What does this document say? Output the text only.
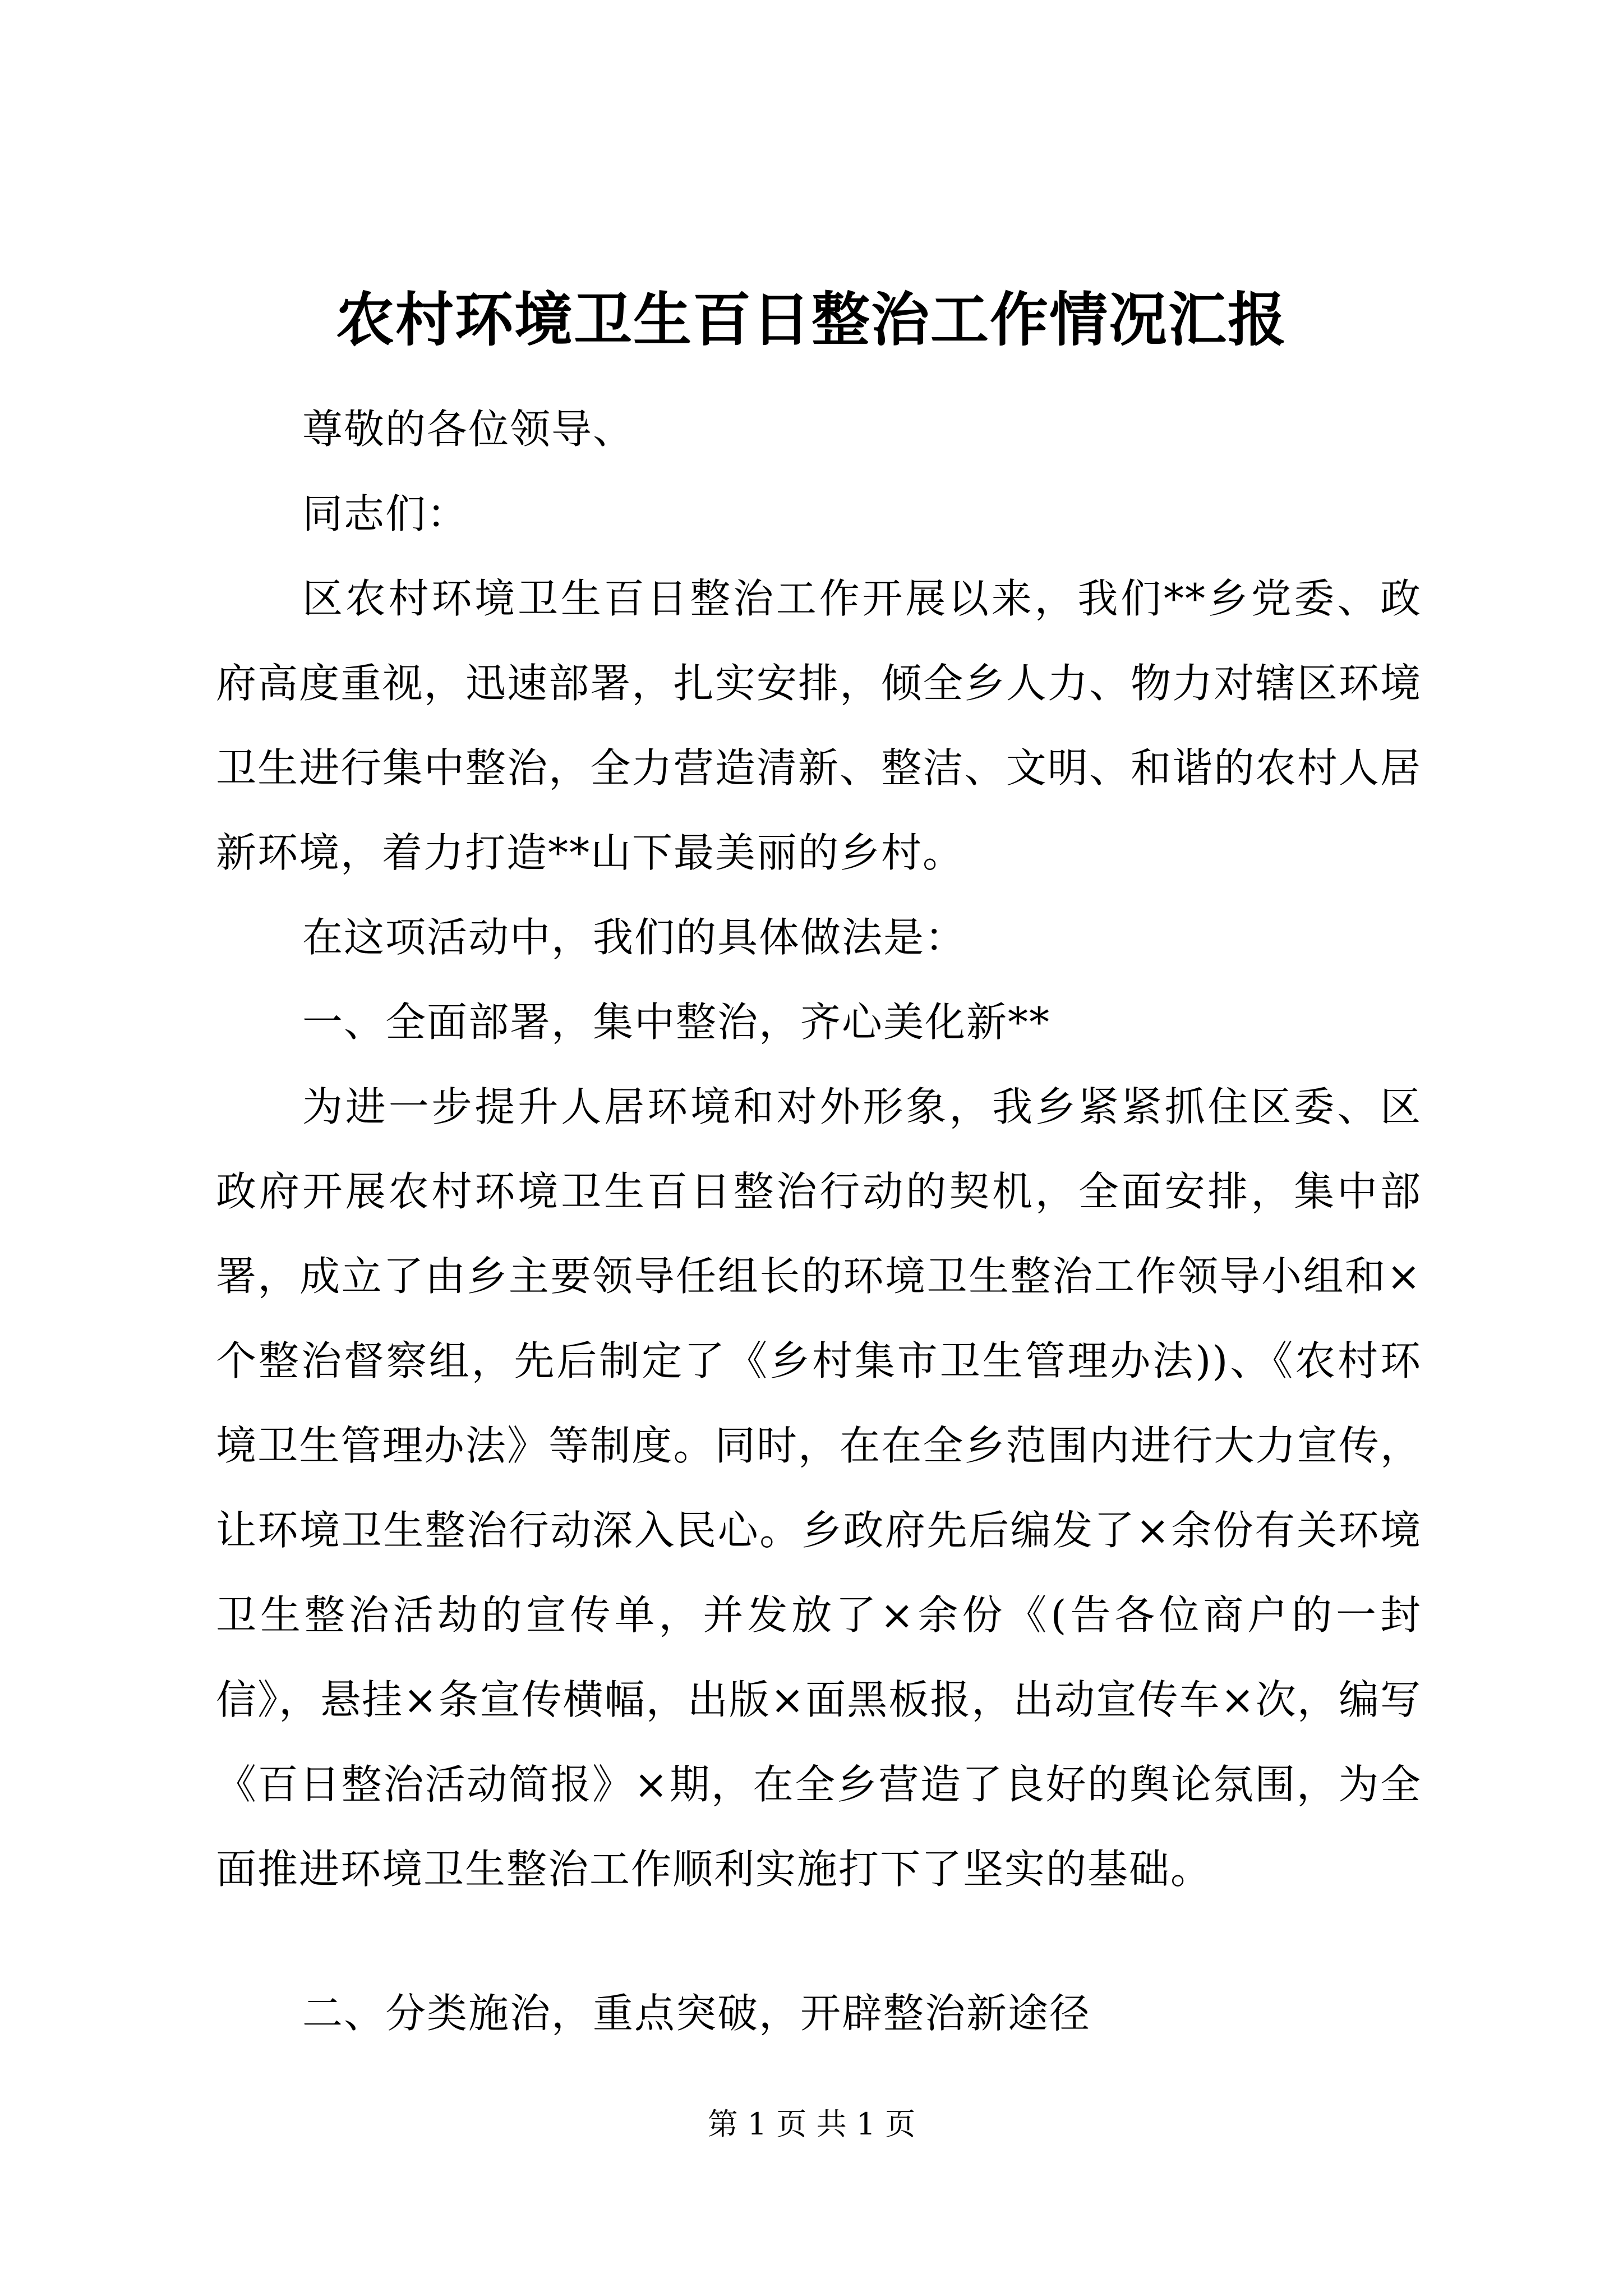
农村环境卫生百日整治工作情况汇报

尊敬的各位领导、

同志们：

区农村环境卫生百日整治工作开展以来，我们**乡党委、政府高度重视，迅速部署，扎实安排，倾全乡人力、物力对辖区环境卫生进行集中整治，全力营造清新、整洁、文明、和谐的农村人居新环境，着力打造**山下最美丽的乡村。

在这项活动中，我们的具体做法是：

一、全面部署，集中整治，齐心美化新**

为进一步提升人居环境和对外形象，我乡紧紧抓住区委、区政府开展农村环境卫生百日整治行动的契机，全面安排，集中部署，成立了由乡主要领导任组长的环境卫生整治工作领导小组和×个整治督察组，先后制定了《乡村集市卫生管理办法))、《农村环境卫生管理办法》等制度。同时，在在全乡范围内进行大力宣传，让环境卫生整治行动深入民心。乡政府先后编发了×余份有关环境卫生整治活劫的宣传单，并发放了×余份《(告各位商户的一封信》，悬挂×条宣传横幅，出版×面黑板报，出动宣传车×次，编写《百日整治活动简报》×期，在全乡营造了良好的舆论氛围，为全面推进环境卫生整治工作顺利实施打下了坚实的基础。

二、分类施治，重点突破，开辟整治新途径

第 1 页 共 1 页
